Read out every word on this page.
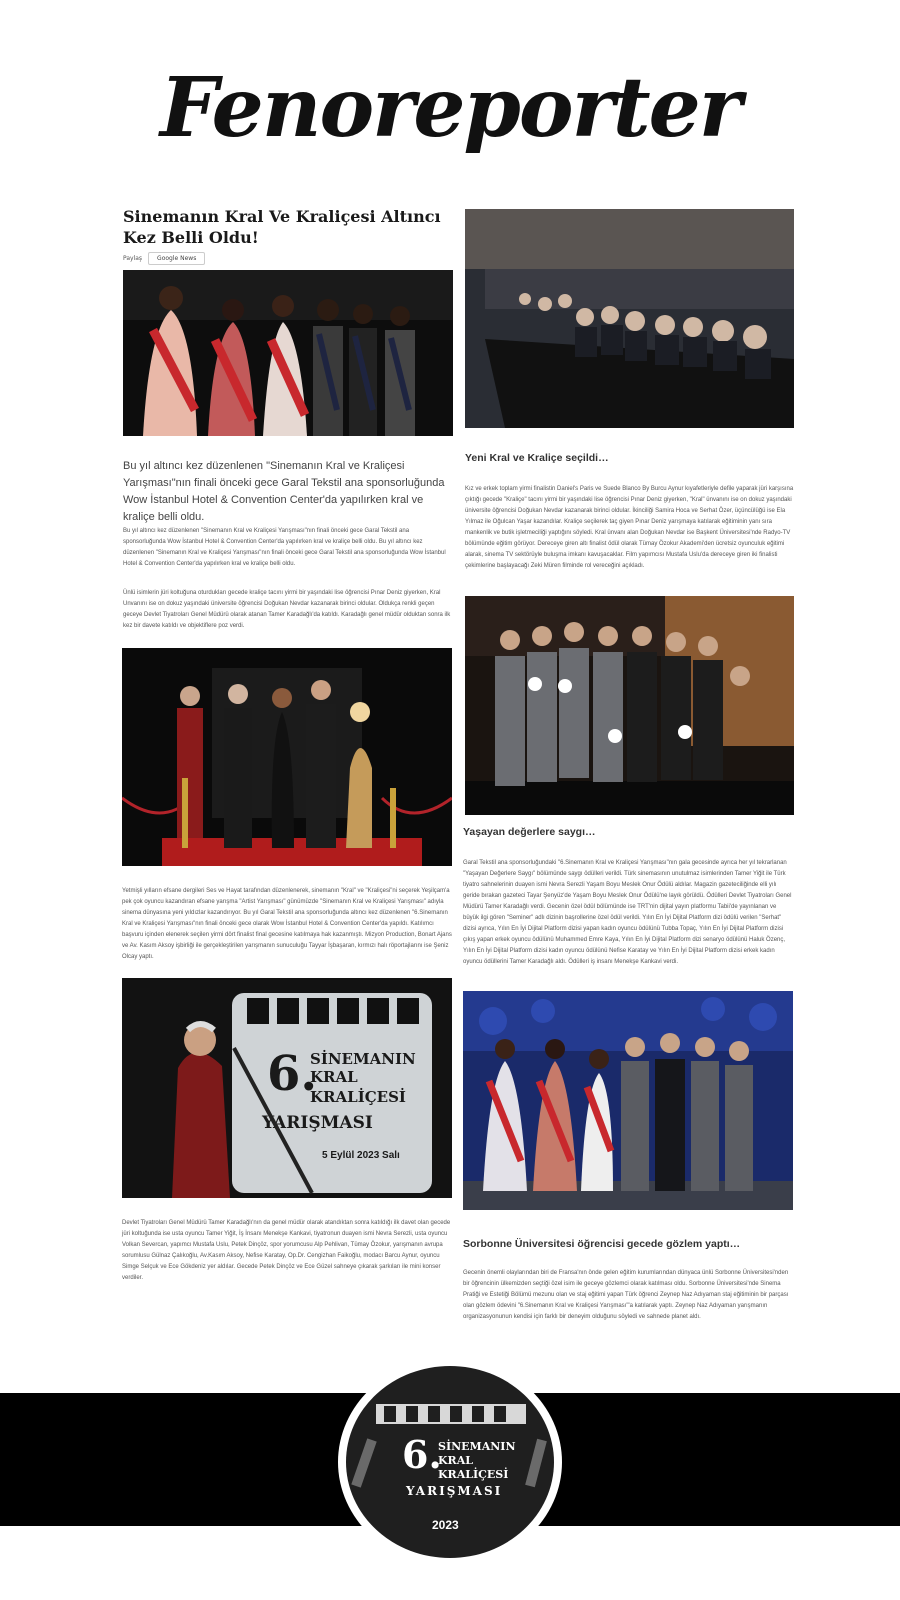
Fenoreporter
Sinemanın Kral Ve Kraliçesi Altıncı Kez Belli Oldu!
Paylaş	Google News

Bu yıl altıncı kez düzenlenen "Sinemanın Kral ve Kraliçesi Yarışması"nın finali önceki gece Garal Tekstil ana sponsorluğunda Wow İstanbul Hotel & Convention Center'da yapılırken kral ve kraliçe belli oldu.

Bu yıl altıncı kez düzenlenen "Sinemanın Kral ve Kraliçesi Yarışması"nın finali önceki gece Garal Tekstil ana sponsorluğunda Wow İstanbul Hotel & Convention Center'da yapılırken kral ve kraliçe belli oldu. Bu yıl altıncı kez düzenlenen "Sinemanın Kral ve Kraliçesi Yarışması"nın finali önceki gece Garal Tekstil ana sponsorluğunda Wow İstanbul Hotel & Convention Center'da yapılırken kral ve kraliçe belli oldu.

Ünlü isimlerin jüri koltuğuna oturdukları gecede kraliçe tacını yirmi bir yaşındaki lise öğrencisi Pınar Deniz giyerken, Kral Unvanını ise on dokuz yaşındaki üniversite öğrencisi Doğukan Nevdar kazanarak birinci oldular. Oldukça renkli geçen geceye Devlet Tiyatroları Genel Müdürü olarak atanan Tamer Karadağlı'da katıldı. Karadağlı genel müdür olduktan sonra ilk kez bir davete katıldı ve objektiflere poz verdi.

Yetmişli yılların efsane dergileri Ses ve Hayat tarafından düzenlenerek, sinemanın "Kral" ve "Kraliçesi"ni seçerek Yeşilçam'a pek çok oyuncu kazandıran efsane yarışma "Artist Yarışması" günümüzde "Sinemanın Kral ve Kraliçesi Yarışması" adıyla sinema dünyasına yeni yıldızlar kazandırıyor. Bu yıl Garal Tekstil ana sponsorluğunda altıncı kez düzenlenen "6.Sinemanın Kral ve Kraliçesi Yarışması"nın finali önceki gece olarak Wow İstanbul Hotel & Convention Center'da yapıldı. Katılımcı başvuru içinden elenerek seçilen yirmi dört finalist final gecesine katılmaya hak kazanmıştı. Mizyon Production, Bonart Ajans ve Av. Kasım Aksoy işbirliği ile gerçekleştirilen yarışmanın sunuculuğu Tayyar İşbaşaran, kırmızı halı röportajlarını ise Şeniz Olcay yaptı.

6.
SİNEMANIN
KRAL
KRALİÇESİ
YARIŞMASI
5 Eylül 2023 Salı

Devlet Tiyatroları Genel Müdürü Tamer Karadağlı'nın da genel müdür olarak atandıktan sonra katıldığı ilk davet olan gecede jüri koltuğunda ise usta oyuncu Tamer Yiğit, İş İnsanı Menekşe Kankavi, tiyatronun duayen ismi Nevra Serezli, usta oyuncu Volkan Severcan, yapımcı Mustafa Uslu, Petek Dinçöz, spor yorumcusu Alp Pehlivan, Tümay Özokur, yarışmanın avrupa sorumlusu Gülnaz Çalıkoğlu, Av.Kasım Aksoy, Nefise Karatay, Op.Dr. Cengizhan Faikoğlu, modacı Barcu Aynur, oyuncu Simge Selçuk ve Ece Gökdeniz yer aldılar. Gecede Petek Dinçöz ve Ece Güzel sahneye çıkarak şarkıları ile mini konser verdiler.

Yeni Kral ve Kraliçe seçildi…

Kız ve erkek toplam yirmi finalistin Daniel's Paris ve Suede Blanco By Burcu Aynur kıyafetleriyle defile yaparak jüri karşısına çıktığı gecede "Kraliçe" tacını yirmi bir yaşındaki lise öğrencisi Pınar Deniz giyerken, "Kral" ünvanını ise on dokuz yaşındaki üniversite öğrencisi Doğukan Nevdar kazanarak birinci oldular. İkinciliği Samira Hoca ve Serhat Özer, üçüncülüğü ise Ela Yılmaz ile Oğulcan Yaşar kazandılar. Kraliçe seçilerek taç giyen Pınar Deniz yarışmaya katılarak eğitiminin yanı sıra mankenlik ve butik işletmeciliği yaptığını söyledi. Kral ünvanı alan Doğukan Nevdar ise Başkent Üniversitesi'nde Radyo-TV bölümünde eğitim görüyor. Dereceye giren altı finalist ödül olarak Tümay Özokur Akademi'den ücretsiz oyunculuk eğitimi alarak, sinema TV sektörüyle buluşma imkanı kavuşacaklar. Film yapımcısı Mustafa Uslu'da dereceye giren iki finalisti çekimlerine başlayacağı Zeki Müren filminde rol vereceğini açıkladı.

Yaşayan değerlere saygı…

Garal Tekstil ana sponsorluğundaki "6.Sinemanın Kral ve Kraliçesi Yarışması"nın gala gecesinde ayrıca her yıl tekrarlanan "Yaşayan Değerlere Saygı" bölümünde saygı ödülleri verildi. Türk sinemasının unutulmaz isimlerinden Tamer Yiğit ile Türk tiyatro sahnelerinin duayen ismi Nevra Serezli Yaşam Boyu Meslek Onur Ödülü aldılar. Magazin gazeteciliğinde elli yılı geride bırakan gazeteci Tayar Şenyüz'de Yaşam Boyu Meslek Onur Ödülü'ne layık görüldü. Ödülleri Devlet Tiyatroları Genel Müdürü Tamer Karadağlı verdi. Gecenin özel ödül bölümünde ise TRT'nin dijital yayın platformu Tabii'de yayınlanan ve büyük ilgi gören "Seminer" adlı dizinin başrollerine özel ödül verildi. Yılın En İyi Dijital Platform dizi ödülü verilen "Serhat" dizisi ayrıca, Yılın En İyi Dijital Platform dizisi yapan kadın oyuncu ödülünü Tubba Topaç, Yılın En İyi Dijital Platform dizisi çıkış yapan erkek oyuncu ödülünü Muhammed Emre Kaya, Yılın En İyi Dijital Platform dizi senaryo ödülünü Haluk Özenç, Yılın En İyi Dijital Platform dizisi kadın oyuncu ödülünü Nefise Karatay ve Yılın En İyi Dijital Platform dizisi erkek kadın oyuncu ödüllerini Tamer Karadağlı aldı. Ödülleri iş insanı Menekşe Kankavi verdi.

Sorbonne Üniversitesi öğrencisi gecede gözlem yaptı…

Gecenin önemli olaylarından biri de Fransa'nın önde gelen eğitim kurumlarından dünyaca ünlü Sorbonne Üniversitesi'nden bir öğrencinin ülkemizden seçtiği özel isim ile geceye gözlemci olarak katılması oldu. Sorbonne Üniversitesi'nde Sinema Pratiği ve Estetiği Bölümü mezunu olan ve staj eğitimi yapan Türk öğrenci Zeynep Naz Adıyaman staj eğitiminin bir parçası olan gözlem ödevini "6.Sinemanın Kral ve Kraliçesi Yarışması"'a katılarak yaptı. Zeynep Naz Adıyaman yarışmanın organizasyonunun kendisi için farklı bir deneyim olduğunu söyledi ve sahnede planet aldı.

6.
SİNEMANIN
KRAL
KRALİÇESİ
YARIŞMASI
2023
